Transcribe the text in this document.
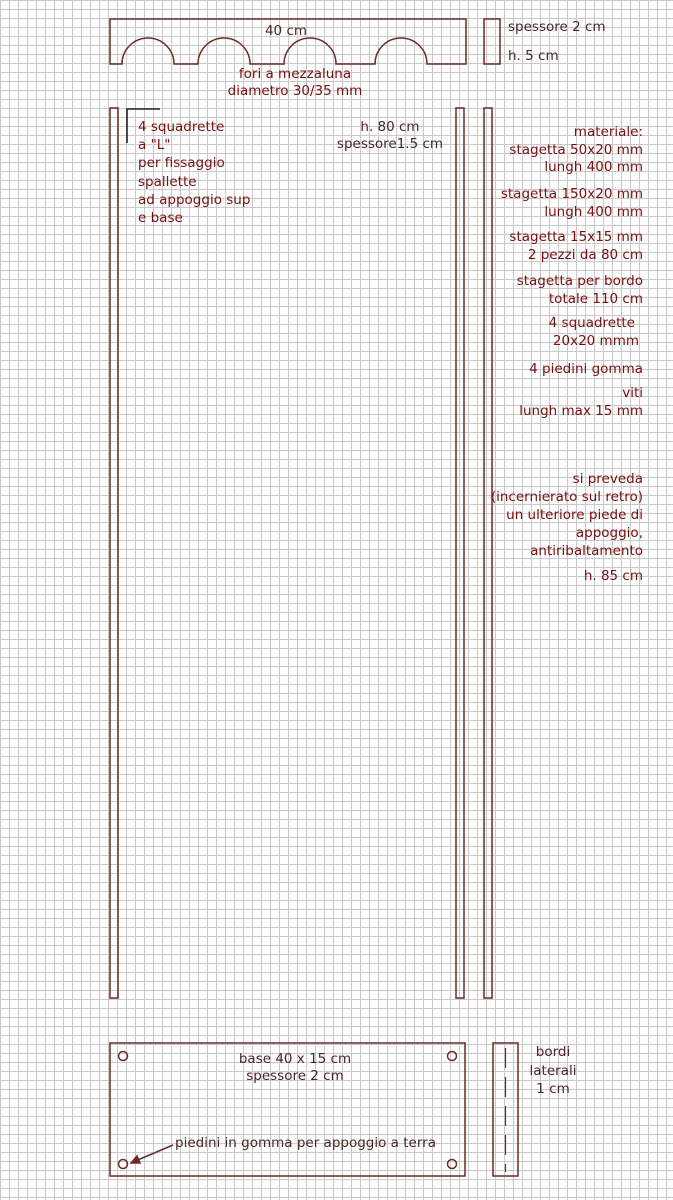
40 cm
fori a mezzaluna
diametro 30/35 mm
spessore 2 cm
h. 5 cm
h. 80 cm
spessore1.5 cm
4 squadrette
a "L"
per fissaggio
spallette
ad appoggio sup
e base
materiale:
stagetta 50x20 mm
lungh 400 mm
stagetta 150x20 mm
lungh 400 mm
stagetta 15x15 mm
2 pezzi da 80 cm
stagetta per bordo
totale 110 cm
4 squadrette
20x20 mmm
4 piedini gomma
viti
lungh max 15 mm
si preveda
(incernierato sul retro)
un ulteriore piede di
appoggio,
antiribaltamento
h. 85 cm
base 40 x 15 cm
spessore 2 cm
piedini in gomma per appoggio a terra
bordi
laterali
1 cm
